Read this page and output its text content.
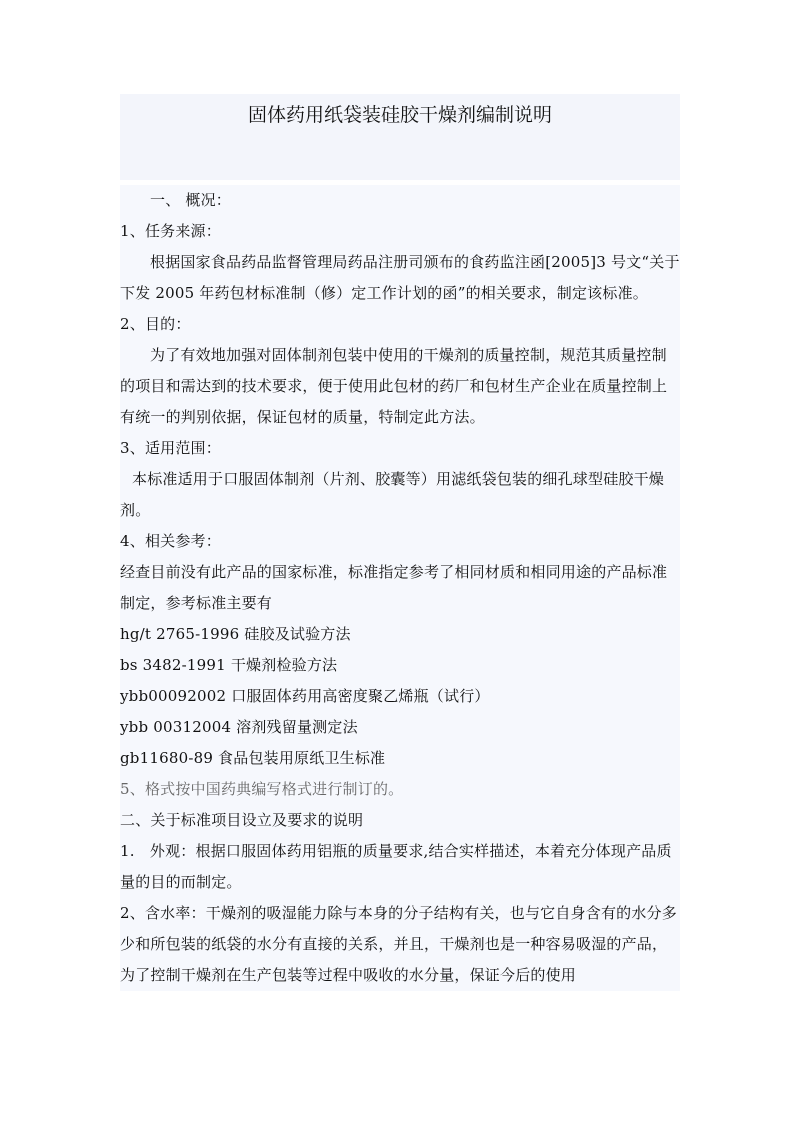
固体药用纸袋装硅胶干燥剂编制说明

一、 概况：

1、任务来源：

根据国家食品药品监督管理局药品注册司颁布的食药监注函[2005]3 号文“关于下发 2005 年药包材标准制（修）定工作计划的函”的相关要求，制定该标准。

2、目的：

为了有效地加强对固体制剂包装中使用的干燥剂的质量控制，规范其质量控制的项目和需达到的技术要求，便于使用此包材的药厂和包材生产企业在质量控制上有统一的判别依据，保证包材的质量，特制定此方法。

3、适用范围：

本标准适用于口服固体制剂（片剂、胶囊等）用滤纸袋包装的细孔球型硅胶干燥剂。

4、相关参考：

经查目前没有此产品的国家标准，标准指定参考了相同材质和相同用途的产品标准制定，参考标准主要有

hg/t 2765-1996 硅胶及试验方法

bs 3482-1991 干燥剂检验方法

ybb00092002 口服固体药用高密度聚乙烯瓶（试行）

ybb 00312004 溶剂残留量测定法

gb11680-89 食品包装用原纸卫生标准

5、格式按中国药典编写格式进行制订的。

二、关于标准项目设立及要求的说明

1.　外观：根据口服固体药用铝瓶的质量要求,结合实样描述，本着充分体现产品质量的目的而制定。

2、含水率：干燥剂的吸湿能力除与本身的分子结构有关，也与它自身含有的水分多少和所包装的纸袋的水分有直接的关系，并且，干燥剂也是一种容易吸湿的产品，为了控制干燥剂在生产包装等过程中吸收的水分量，保证今后的使用
